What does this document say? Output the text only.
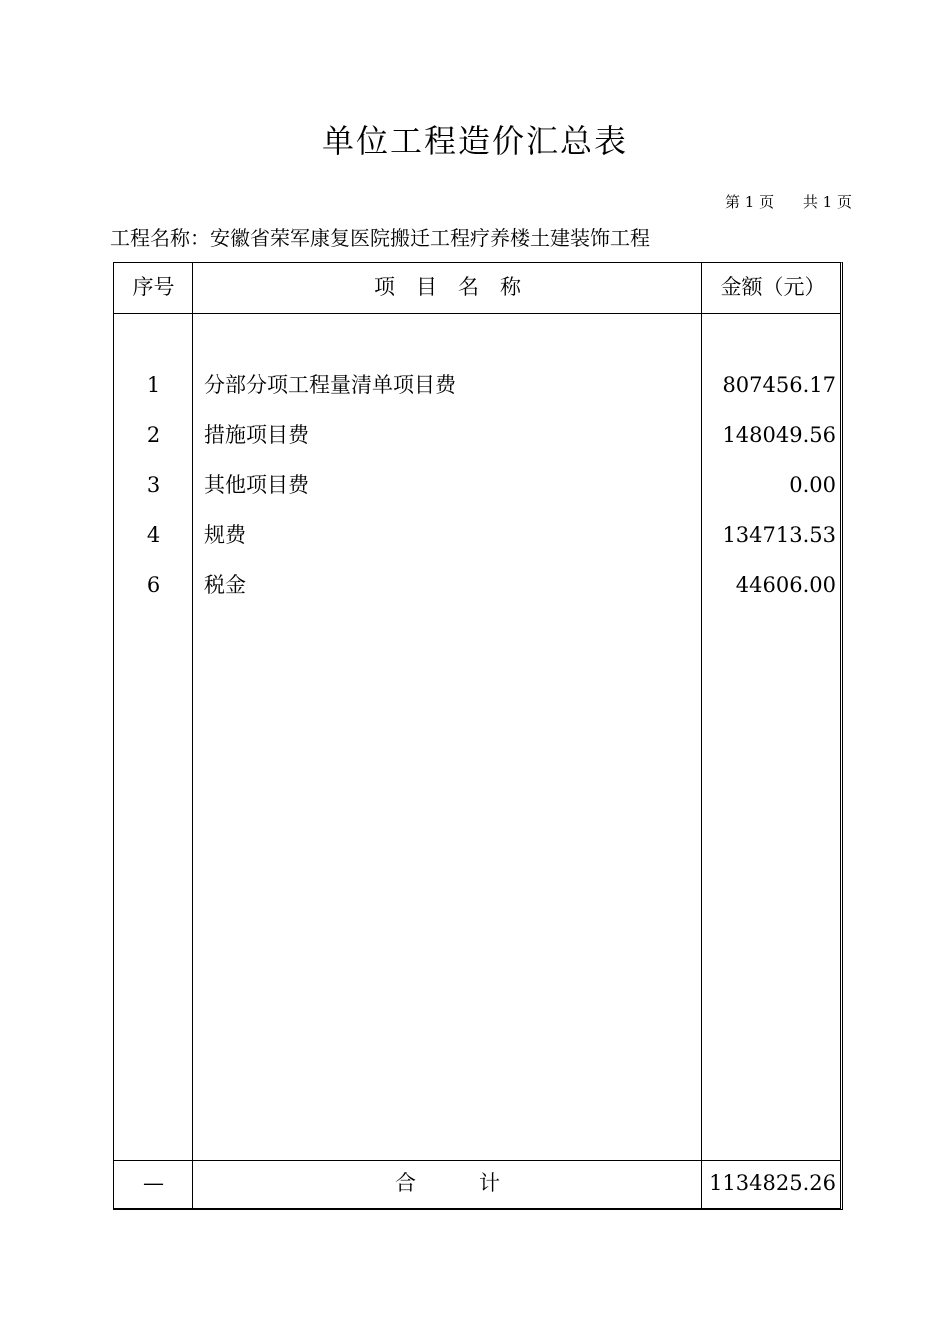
单位工程造价汇总表
第 1 页 共 1 页
工程名称：安徽省荣军康复医院搬迁工程疗养楼土建装饰工程
序号	项　目　名　称	金额（元）
1	分部分项工程量清单项目费	807456.17
2	措施项目费	148049.56
3	其他项目费	0.00
4	规费	134713.53
6	税金	44606.00
—	合　　　计	1134825.26
